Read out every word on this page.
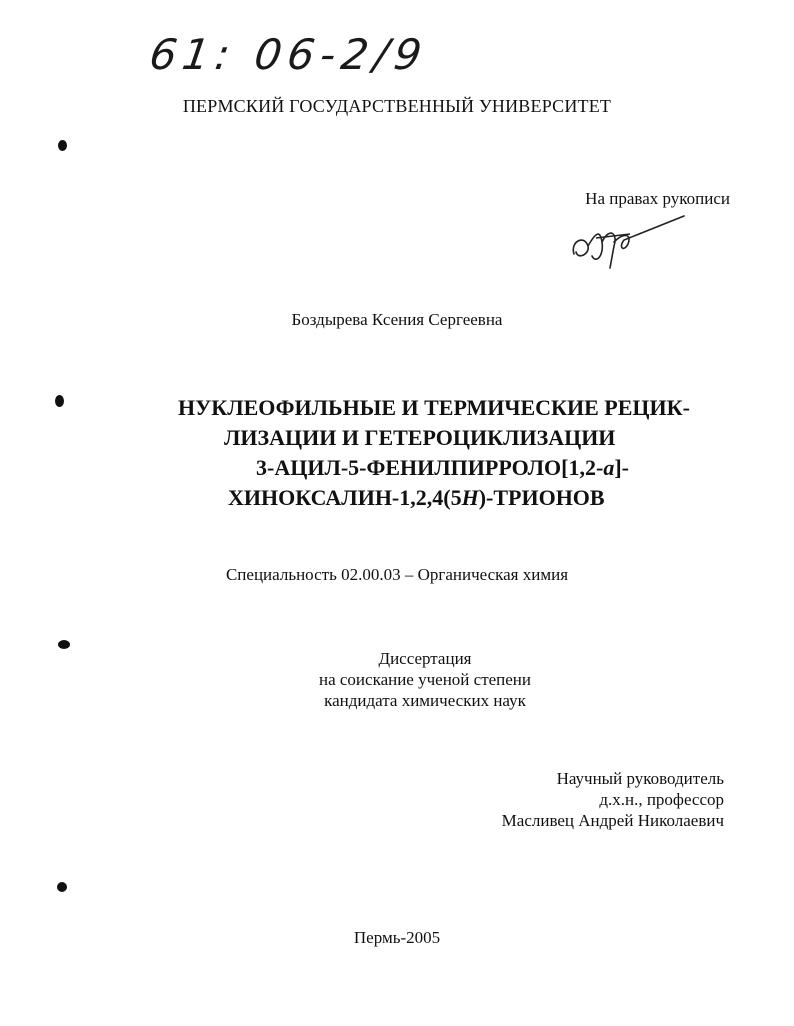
61: 06-2/9
ПЕРМСКИЙ ГОСУДАРСТВЕННЫЙ УНИВЕРСИТЕТ
На правах рукописи
Боздырева Ксения Сергеевна
НУКЛЕОФИЛЬНЫЕ И ТЕРМИЧЕСКИЕ РЕЦИК-
ЛИЗАЦИИ И ГЕТЕРОЦИКЛИЗАЦИИ
3-АЦИЛ-5-ФЕНИЛПИРРОЛО[1,2-a]-
ХИНОКСАЛИН-1,2,4(5H)-ТРИОНОВ
Специальность 02.00.03 – Органическая химия
Диссертация
на соискание ученой степени
кандидата химических наук
Научный руководитель
д.х.н., профессор
Масливец Андрей Николаевич
Пермь-2005
